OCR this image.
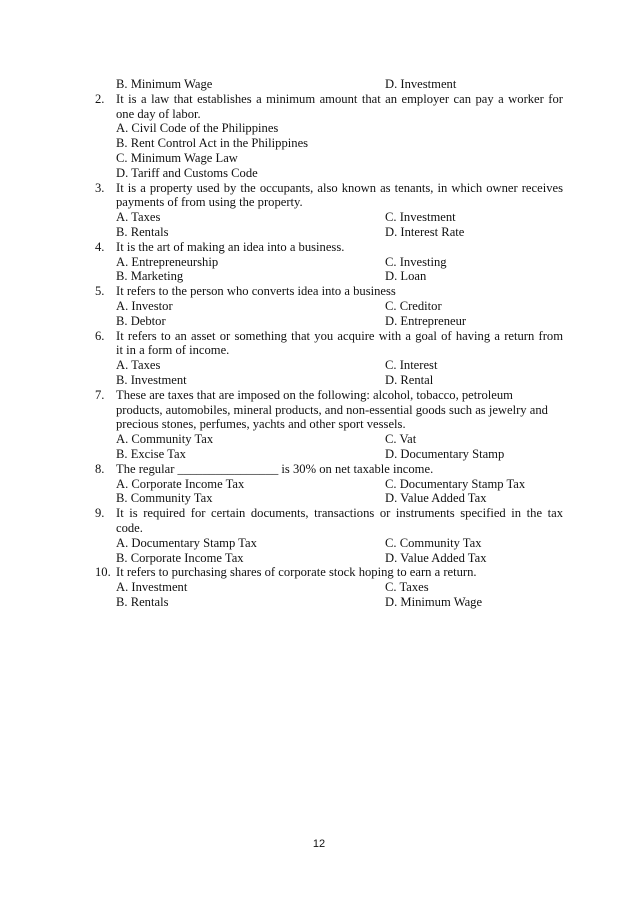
B. Minimum Wage	D. Investment
2. It is a law that establishes a minimum amount that an employer can pay a worker for
one day of labor.
A. Civil Code of the Philippines
B. Rent Control Act in the Philippines
C. Minimum Wage Law
D. Tariff and Customs Code
3. It is a property used by the occupants, also known as tenants, in which owner receives
payments of from using the property.
A. Taxes	C. Investment
B. Rentals	D. Interest Rate
4. It is the art of making an idea into a business.
A. Entrepreneurship	C. Investing
B. Marketing	D. Loan
5. It refers to the person who converts idea into a business
A. Investor	C. Creditor
B. Debtor	D. Entrepreneur
6. It refers to an asset or something that you acquire with a goal of having a return from
it in a form of income.
A. Taxes	C. Interest
B. Investment	D. Rental
7. These are taxes that are imposed on the following: alcohol, tobacco, petroleum
products, automobiles, mineral products, and non-essential goods such as jewelry and
precious stones, perfumes, yachts and other sport vessels.
A. Community Tax	C. Vat
B. Excise Tax	D. Documentary Stamp
8. The regular ________________ is 30% on net taxable income.
A. Corporate Income Tax	C. Documentary Stamp Tax
B. Community Tax	D. Value Added Tax
9. It is required for certain documents, transactions or instruments specified in the tax
code.
A. Documentary Stamp Tax	C. Community Tax
B. Corporate Income Tax	D. Value Added Tax
10. It refers to purchasing shares of corporate stock hoping to earn a return.
A. Investment	C. Taxes
B. Rentals	D. Minimum Wage
12
